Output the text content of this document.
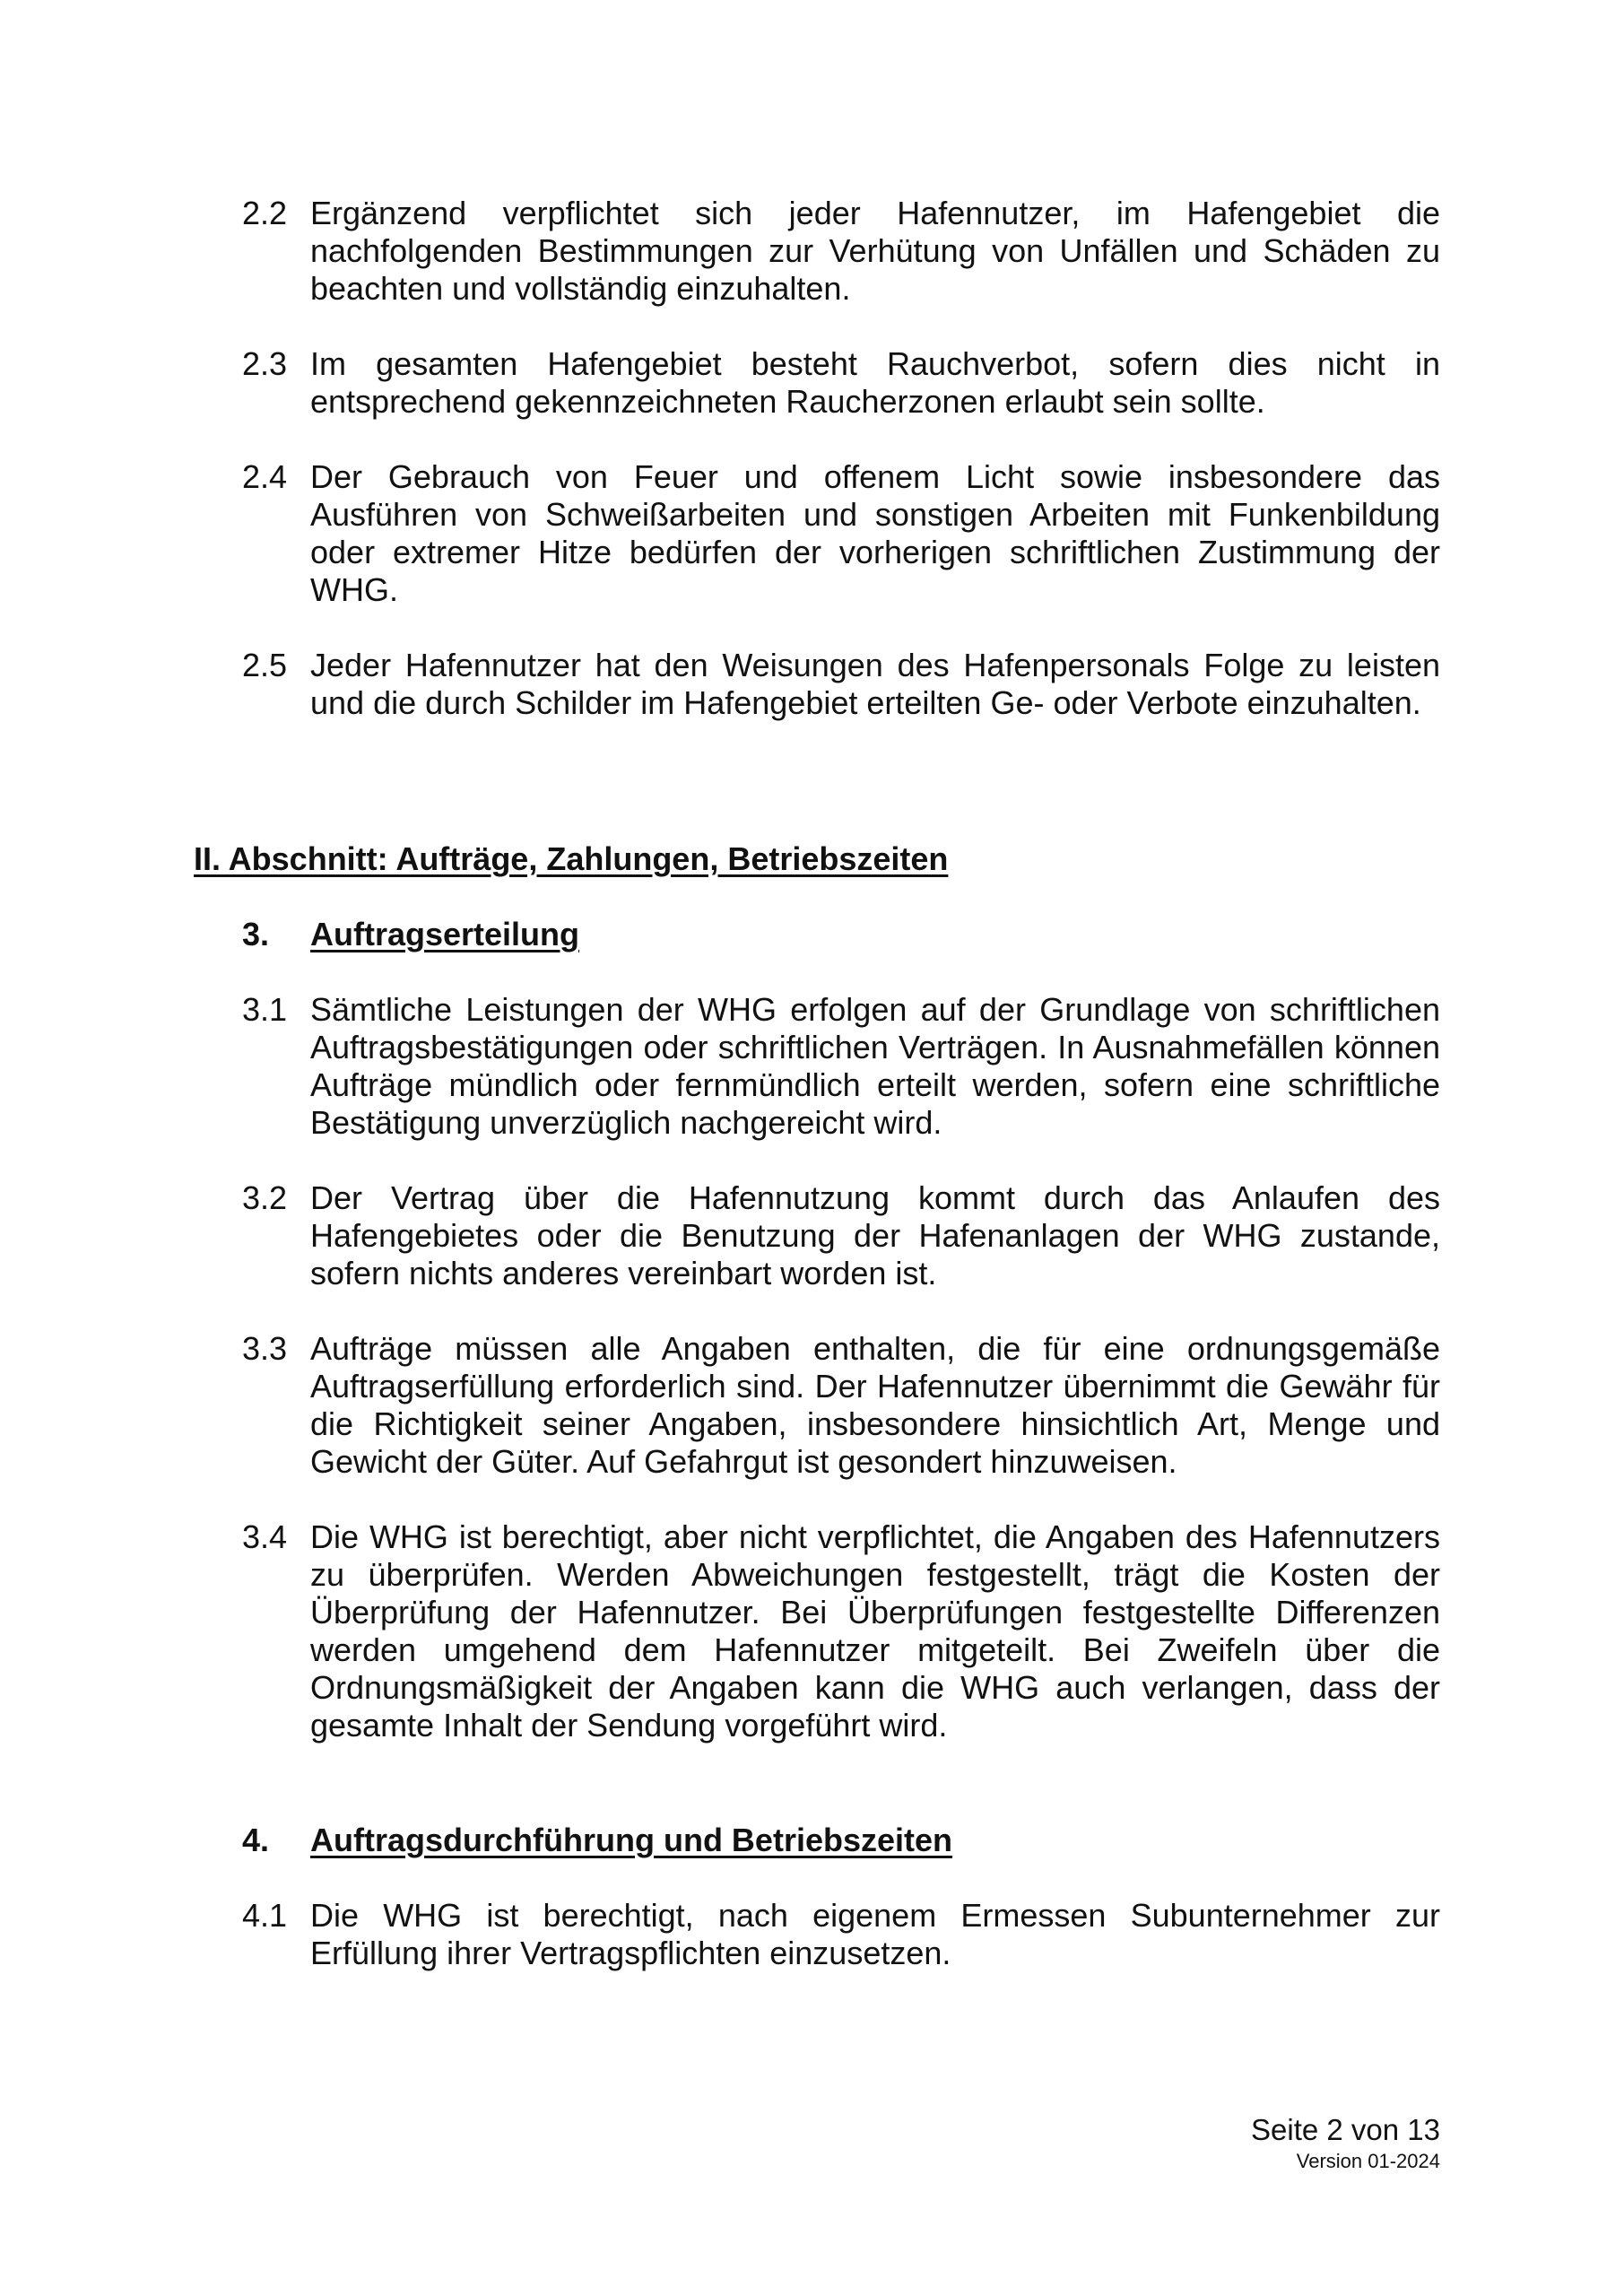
2.2 Ergänzend verpflichtet sich jeder Hafennutzer, im Hafengebiet die nachfolgenden Bestimmungen zur Verhütung von Unfällen und Schäden zu beachten und vollständig einzuhalten.
2.3 Im gesamten Hafengebiet besteht Rauchverbot, sofern dies nicht in entsprechend gekennzeichneten Raucherzonen erlaubt sein sollte.
2.4 Der Gebrauch von Feuer und offenem Licht sowie insbesondere das Ausführen von Schweißarbeiten und sonstigen Arbeiten mit Funkenbildung oder extremer Hitze bedürfen der vorherigen schriftlichen Zustimmung der WHG.
2.5 Jeder Hafennutzer hat den Weisungen des Hafenpersonals Folge zu leisten und die durch Schilder im Hafengebiet erteilten Ge- oder Verbote einzuhalten.
II. Abschnitt: Aufträge, Zahlungen, Betriebszeiten
3. Auftragserteilung
3.1 Sämtliche Leistungen der WHG erfolgen auf der Grundlage von schriftlichen Auftragsbestätigungen oder schriftlichen Verträgen. In Ausnahmefällen können Aufträge mündlich oder fernmündlich erteilt werden, sofern eine schriftliche Bestätigung unverzüglich nachgereicht wird.
3.2 Der Vertrag über die Hafennutzung kommt durch das Anlaufen des Hafengebietes oder die Benutzung der Hafenanlagen der WHG zustande, sofern nichts anderes vereinbart worden ist.
3.3 Aufträge müssen alle Angaben enthalten, die für eine ordnungsgemäße Auftragserfüllung erforderlich sind. Der Hafennutzer übernimmt die Gewähr für die Richtigkeit seiner Angaben, insbesondere hinsichtlich Art, Menge und Gewicht der Güter. Auf Gefahrgut ist gesondert hinzuweisen.
3.4 Die WHG ist berechtigt, aber nicht verpflichtet, die Angaben des Hafennutzers zu überprüfen. Werden Abweichungen festgestellt, trägt die Kosten der Überprüfung der Hafennutzer. Bei Überprüfungen festgestellte Differenzen werden umgehend dem Hafennutzer mitgeteilt. Bei Zweifeln über die Ordnungsmäßigkeit der Angaben kann die WHG auch verlangen, dass der gesamte Inhalt der Sendung vorgeführt wird.
4. Auftragsdurchführung und Betriebszeiten
4.1 Die WHG ist berechtigt, nach eigenem Ermessen Subunternehmer zur Erfüllung ihrer Vertragspflichten einzusetzen.
Seite 2 von 13
Version 01-2024
